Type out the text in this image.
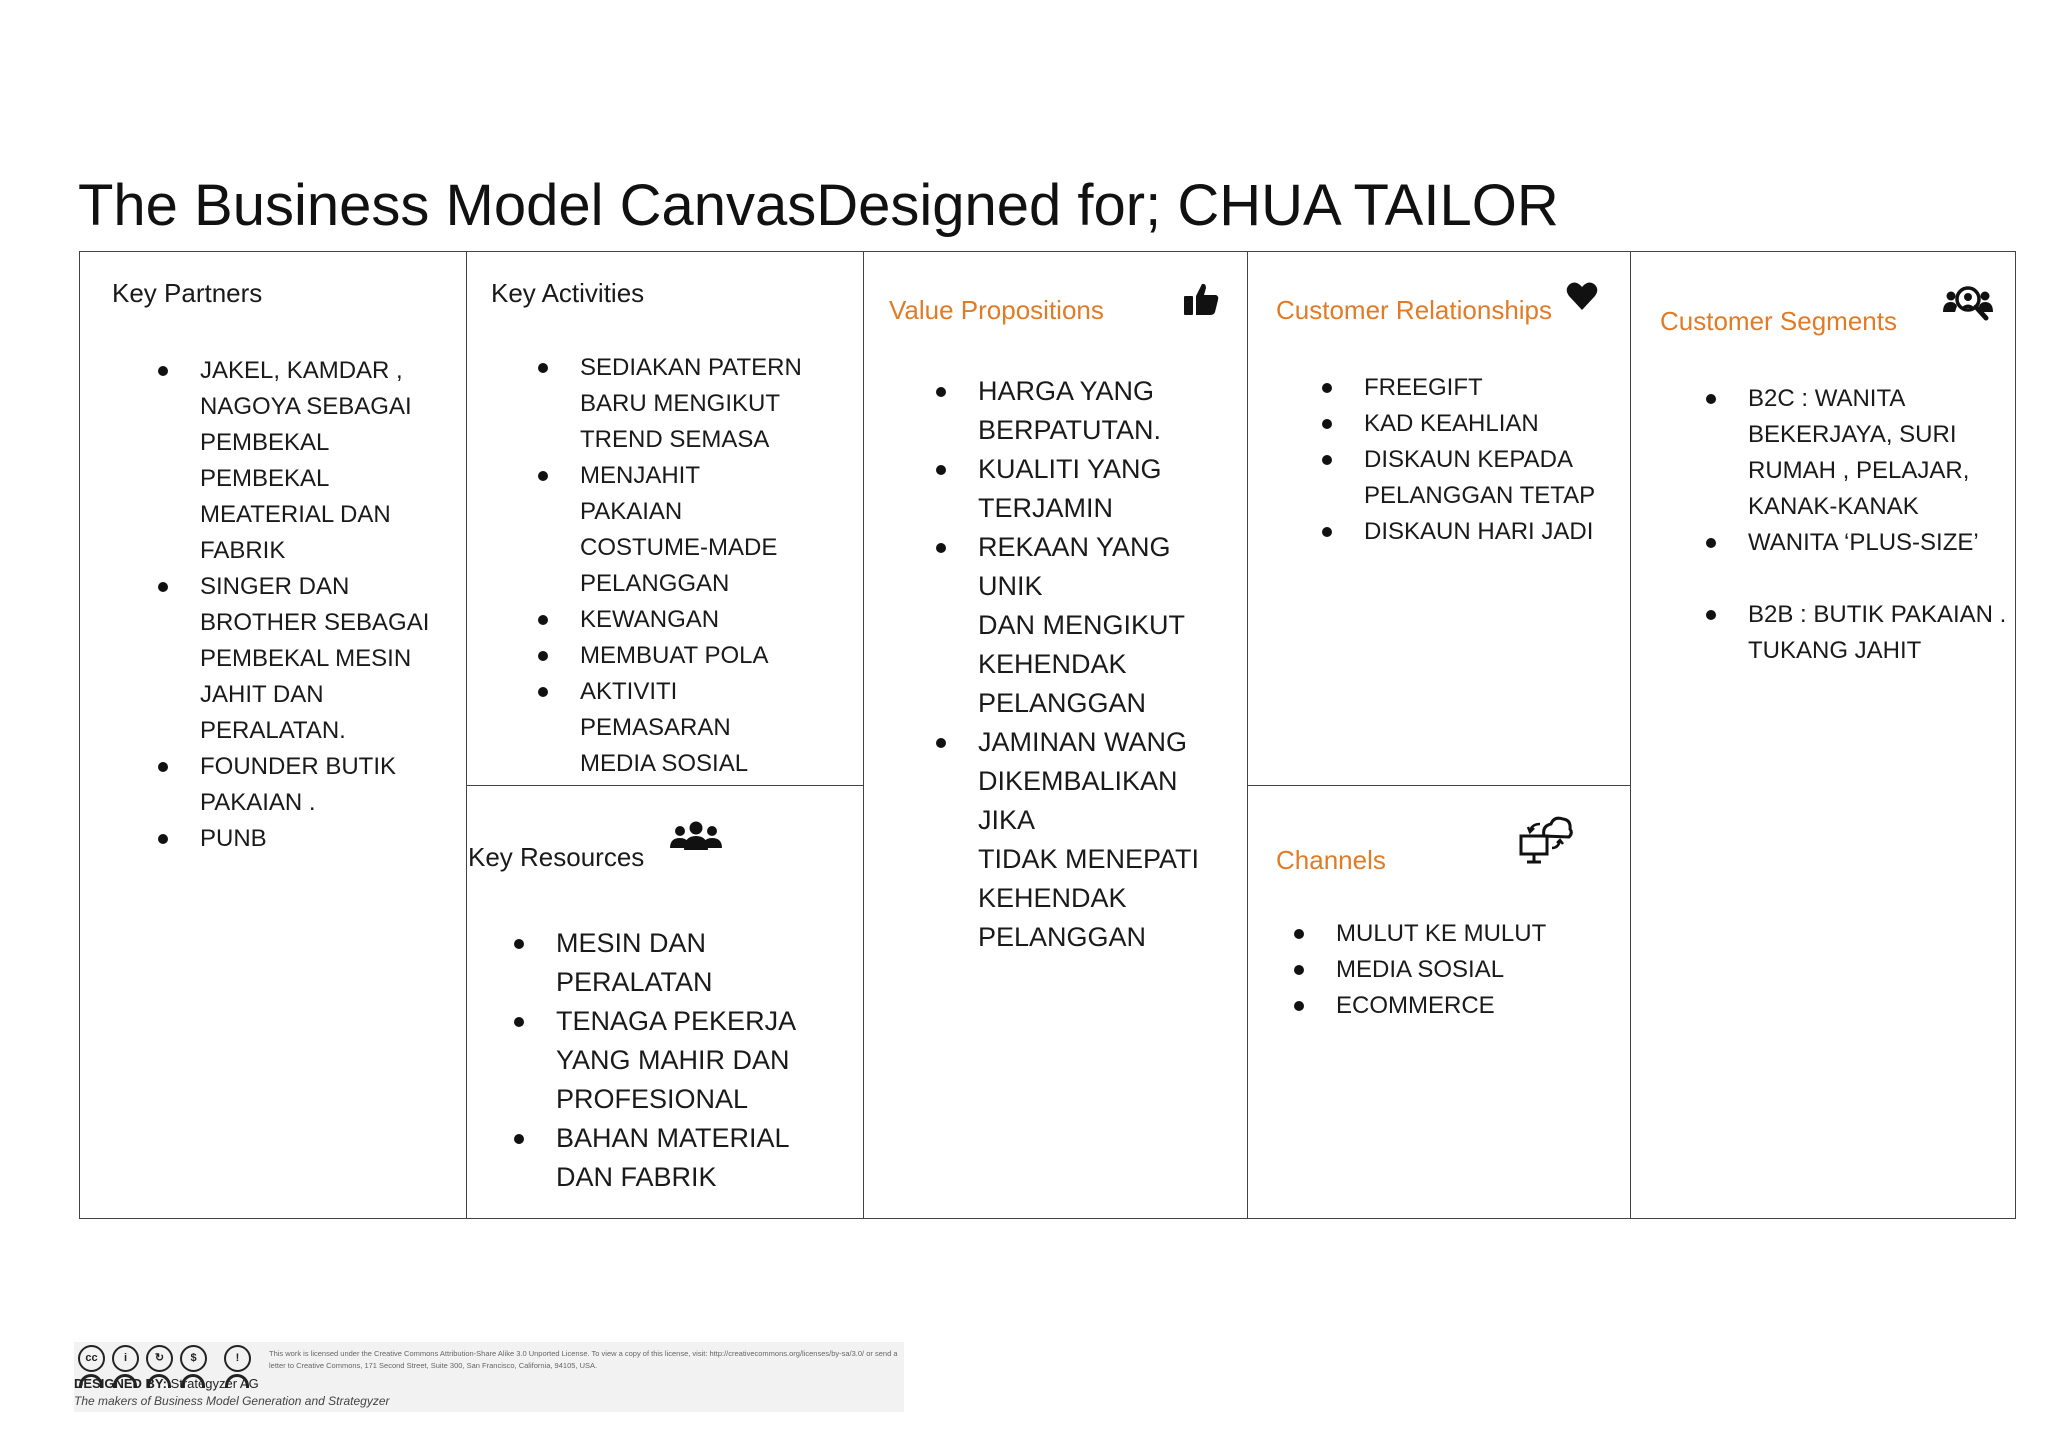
The Business Model CanvasDesigned for; CHUA TAILOR
Key Partners
JAKEL, KAMDAR ,
NAGOYA SEBAGAI
PEMBEKAL PEMBEKAL
MEATERIAL DAN
FABRIK
SINGER DAN
BROTHER SEBAGAI
PEMBEKAL MESIN
JAHIT DAN
PERALATAN.
FOUNDER BUTIK
PAKAIAN .
PUNB
Key Activities
SEDIAKAN PATERN
BARU MENGIKUT
TREND SEMASA
MENJAHIT
PAKAIAN
COSTUME-MADE
PELANGGAN
KEWANGAN
MEMBUAT POLA
AKTIVITI
PEMASARAN
MEDIA SOSIAL
Key Resources
MESIN DAN
PERALATAN
TENAGA PEKERJA
YANG MAHIR DAN
PROFESIONAL
BAHAN MATERIAL
DAN FABRIK
Value Propositions
HARGA YANG
BERPATUTAN.
KUALITI YANG
TERJAMIN
REKAAN YANG UNIK
DAN MENGIKUT
KEHENDAK
PELANGGAN
JAMINAN WANG
DIKEMBALIKAN JIKA
TIDAK MENEPATI
KEHENDAK
PELANGGAN
Customer Relationships
FREEGIFT
KAD KEAHLIAN
DISKAUN KEPADA
PELANGGAN TETAP
DISKAUN HARI JADI
Channels
MULUT KE MULUT
MEDIA SOSIAL
ECOMMERCE
Customer Segments
B2C : WANITA
BEKERJAYA, SURI
RUMAH , PELAJAR,
KANAK-KANAK
WANITA ‘PLUS-SIZE’
B2B : BUTIK PAKAIAN .
TUKANG JAHIT
cc	i	↻	$	!	This work is licensed under the Creative Commons Attribution-Share Alike 3.0 Unported License. To view a copy of this license, visit: http://creativecommons.org/licenses/by-sa/3.0/ or send a letter to Creative Commons, 171 Second Street, Suite 300, San Francisco, California, 94105, USA.
DESIGNED BY: Strategyzer AG
The makers of Business Model Generation and Strategyzer
